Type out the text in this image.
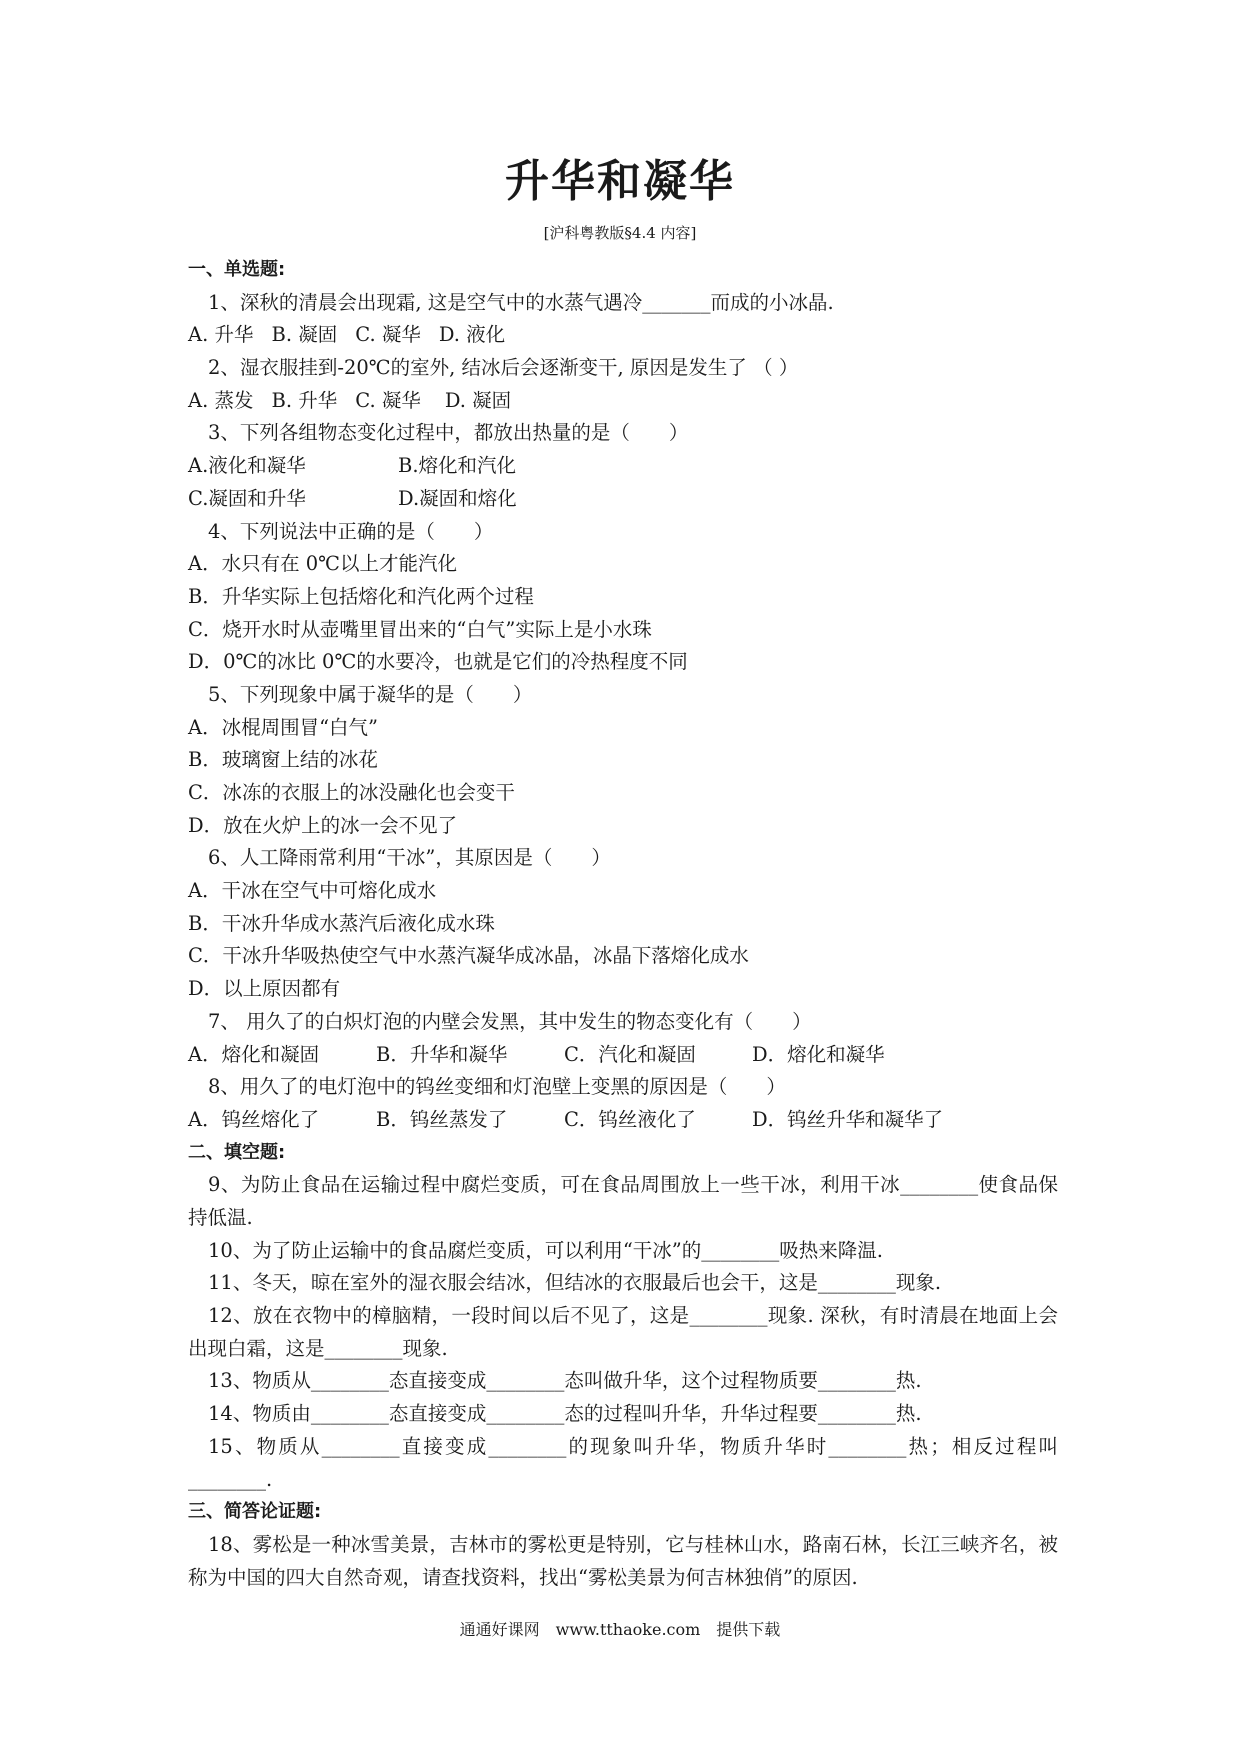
升华和凝华
[沪科粤教版§4.4 内容]
一、单选题:
1、深秋的清晨会出现霜, 这是空气中的水蒸气遇冷_______而成的小冰晶.
A. 升华 B. 凝固 C. 凝华 D. 液化
2、湿衣服挂到-20℃的室外, 结冰后会逐渐变干, 原因是发生了 （ ）
A. 蒸发 B. 升华 C. 凝华 D. 凝固
3、下列各组物态变化过程中，都放出热量的是（　　）
A.液化和凝华	B.熔化和汽化
C.凝固和升华	D.凝固和熔化
4、下列说法中正确的是（　　）
A．水只有在 0℃以上才能汽化
B．升华实际上包括熔化和汽化两个过程
C．烧开水时从壶嘴里冒出来的“白气”实际上是小水珠
D．0℃的冰比 0℃的水要冷，也就是它们的冷热程度不同
5、下列现象中属于凝华的是（　　）
A．冰棍周围冒“白气”
B．玻璃窗上结的冰花
C．冰冻的衣服上的冰没融化也会变干
D．放在火炉上的冰一会不见了
6、人工降雨常利用“干冰”，其原因是（　　）
A．干冰在空气中可熔化成水
B．干冰升华成水蒸汽后液化成水珠
C．干冰升华吸热使空气中水蒸汽凝华成冰晶，冰晶下落熔化成水
D．以上原因都有
7、 用久了的白炽灯泡的内壁会发黑，其中发生的物态变化有（　　）
A．熔化和凝固	B．升华和凝华	C．汽化和凝固	D．熔化和凝华
8、用久了的电灯泡中的钨丝变细和灯泡壁上变黑的原因是（　　）
A．钨丝熔化了	B．钨丝蒸发了	C．钨丝液化了	D．钨丝升华和凝华了
二、填空题:
9、为防止食品在运输过程中腐烂变质，可在食品周围放上一些干冰，利用干冰________使食品保持低温.
10、为了防止运输中的食品腐烂变质，可以利用“干冰”的________吸热来降温.
11、冬天，晾在室外的湿衣服会结冰，但结冰的衣服最后也会干，这是________现象.
12、放在衣物中的樟脑精，一段时间以后不见了，这是________现象. 深秋，有时清晨在地面上会出现白霜，这是________现象.
13、物质从________态直接变成________态叫做升华，这个过程物质要________热.
14、物质由________态直接变成________态的过程叫升华，升华过程要________热.
15、物质从________直接变成________的现象叫升华，物质升华时________热；相反过程叫________.
三、简答论证题:
18、雾松是一种冰雪美景，吉林市的雾松更是特别，它与桂林山水，路南石林，长江三峡齐名，被称为中国的四大自然奇观，请查找资料，找出“雾松美景为何吉林独俏”的原因.
通通好课网　www.tthaoke.com　提供下载
